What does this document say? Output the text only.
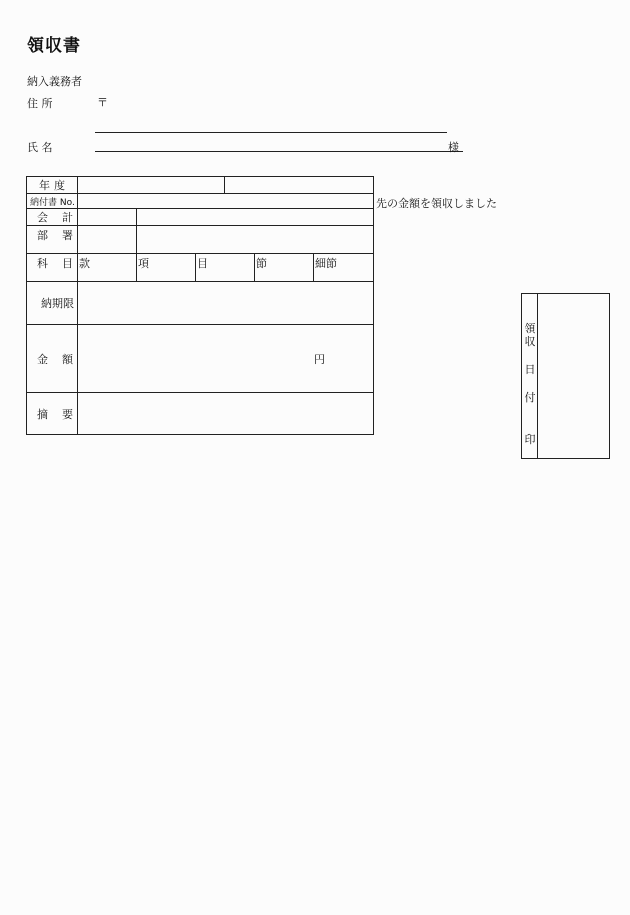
領収書
納入義務者
住 所	〒
氏 名	様
先の金額を領収しました
年 度						
納付書 No.						
会 計						
部 署						
科 目	款	項	目		節	細節
納期限						
金 額	円					
摘 要						
領
収
日
付
印
